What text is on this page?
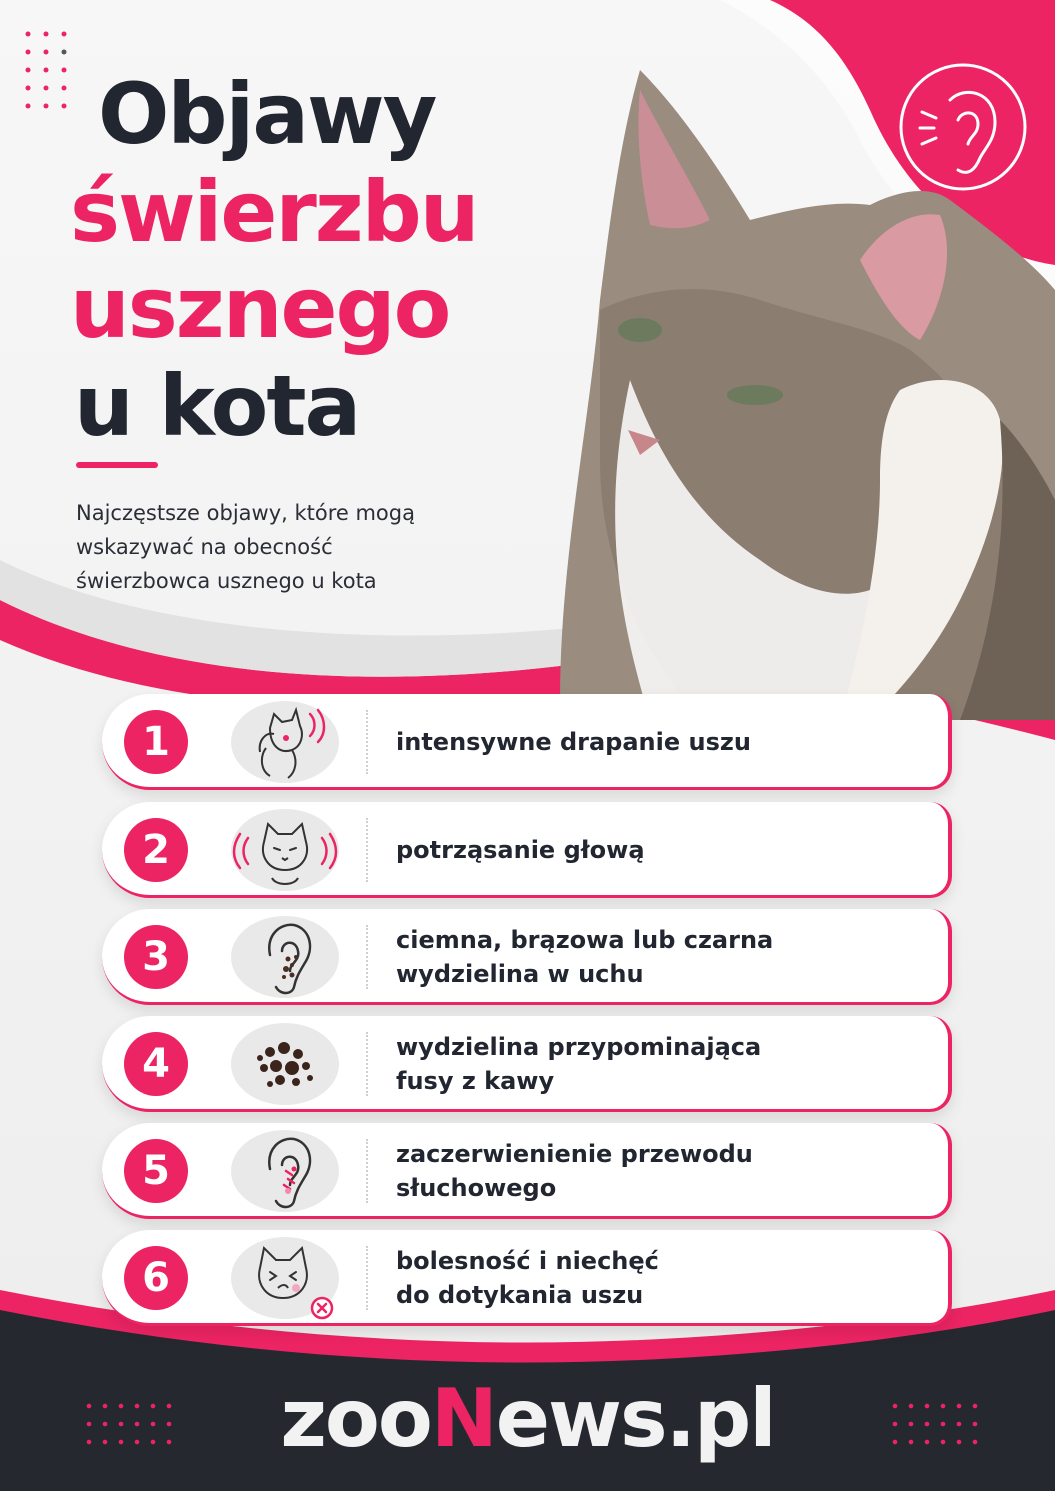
Objawy
świerzbu
usznego
u kota
Najczęstsze objawy, które mogą
wskazywać na obecność
świerzbowca usznego u kota
1	intensywne drapanie uszu
2	potrząsanie głową
3	ciemna, brązowa lub czarna
wydzielina w uchu
4	wydzielina przypominająca
fusy z kawy
5	zaczerwienienie przewodu
słuchowego
6	bolesność i niechęć
do dotykania uszu
zooNews.pl
